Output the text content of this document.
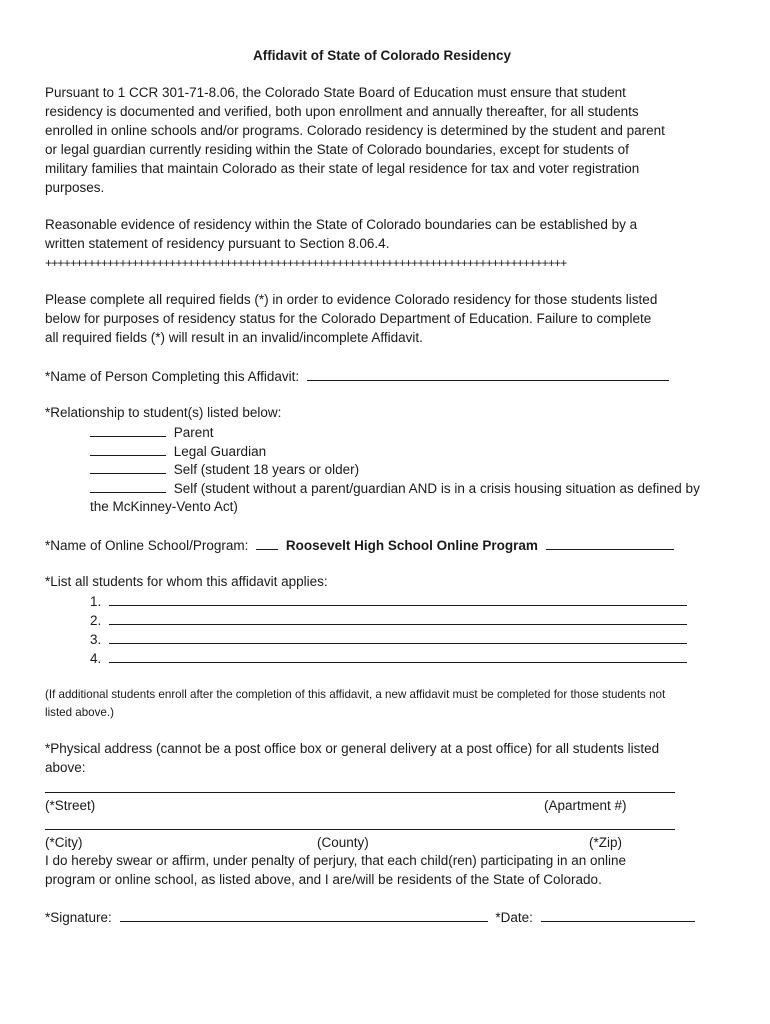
Affidavit of State of Colorado Residency
Pursuant to 1 CCR 301-71-8.06, the Colorado State Board of Education must ensure that student
residency is documented and verified, both upon enrollment and annually thereafter, for all students
enrolled in online schools and/or programs. Colorado residency is determined by the student and parent
or legal guardian currently residing within the State of Colorado boundaries, except for students of
military families that maintain Colorado as their state of legal residence for tax and voter registration
purposes.
Reasonable evidence of residency within the State of Colorado boundaries can be established by a
written statement of residency pursuant to Section 8.06.4.
++++++++++++++++++++++++++++++++++++++++++++++++++++++++++++++++++++++++++++++++++++
Please complete all required fields (*) in order to evidence Colorado residency for those students listed
below for purposes of residency status for the Colorado Department of Education. Failure to complete
all required fields (*) will result in an invalid/incomplete Affidavit.
*Name of Person Completing this Affidavit:
*Relationship to student(s) listed below:
Parent
Legal Guardian
Self (student 18 years or older)
Self (student without a parent/guardian AND is in a crisis housing situation as defined by
the McKinney-Vento Act)
*Name of Online School/Program:	Roosevelt High School Online Program
*List all students for whom this affidavit applies:
1.
2.
3.
4.
(If additional students enroll after the completion of this affidavit, a new affidavit must be completed for those students not
listed above.)
*Physical address (cannot be a post office box or general delivery at a post office) for all students listed
above:
(*Street)	(Apartment #)
(*City)	(County)	(*Zip)
I do hereby swear or affirm, under penalty of perjury, that each child(ren) participating in an online
program or online school, as listed above, and I are/will be residents of the State of Colorado.
*Signature:	*Date:
